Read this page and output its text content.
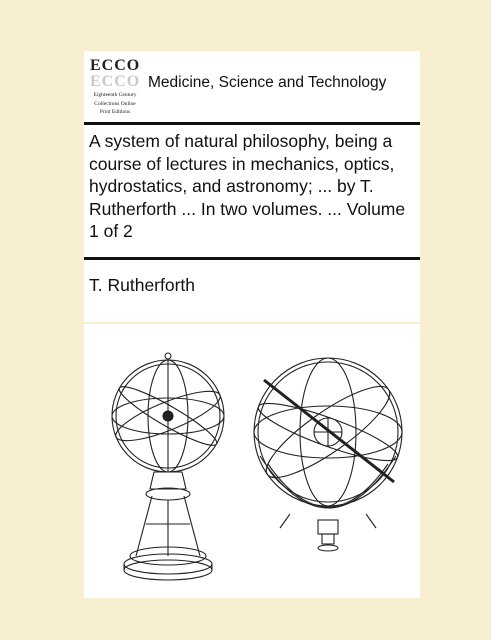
ECCO
ECCO
Eighteenth Century
Collections Online
Print Editions
Medicine, Science and Technology
A system of natural philosophy, being a course of lectures in mechanics, optics, hydrostatics, and astronomy; ... by T. Rutherforth ... In two volumes. ... Volume 1 of 2
T. Rutherforth
